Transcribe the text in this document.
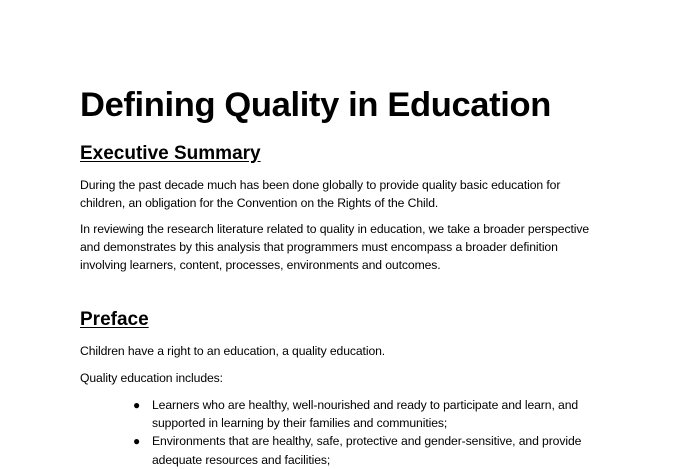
Defining Quality in Education
Executive Summary

During the past decade much has been done globally to provide quality basic education for children, an obligation for the Convention on the Rights of the Child.

In reviewing the research literature related to quality in education, we take a broader perspective and demonstrates by this analysis that programmers must encompass a broader definition involving learners, content, processes, environments and outcomes.

Preface

Children have a right to an education, a quality education.

Quality education includes:

● Learners who are healthy, well-nourished and ready to participate and learn, and supported in learning by their families and communities;
● Environments that are healthy, safe, protective and gender-sensitive, and provide adequate resources and facilities;
